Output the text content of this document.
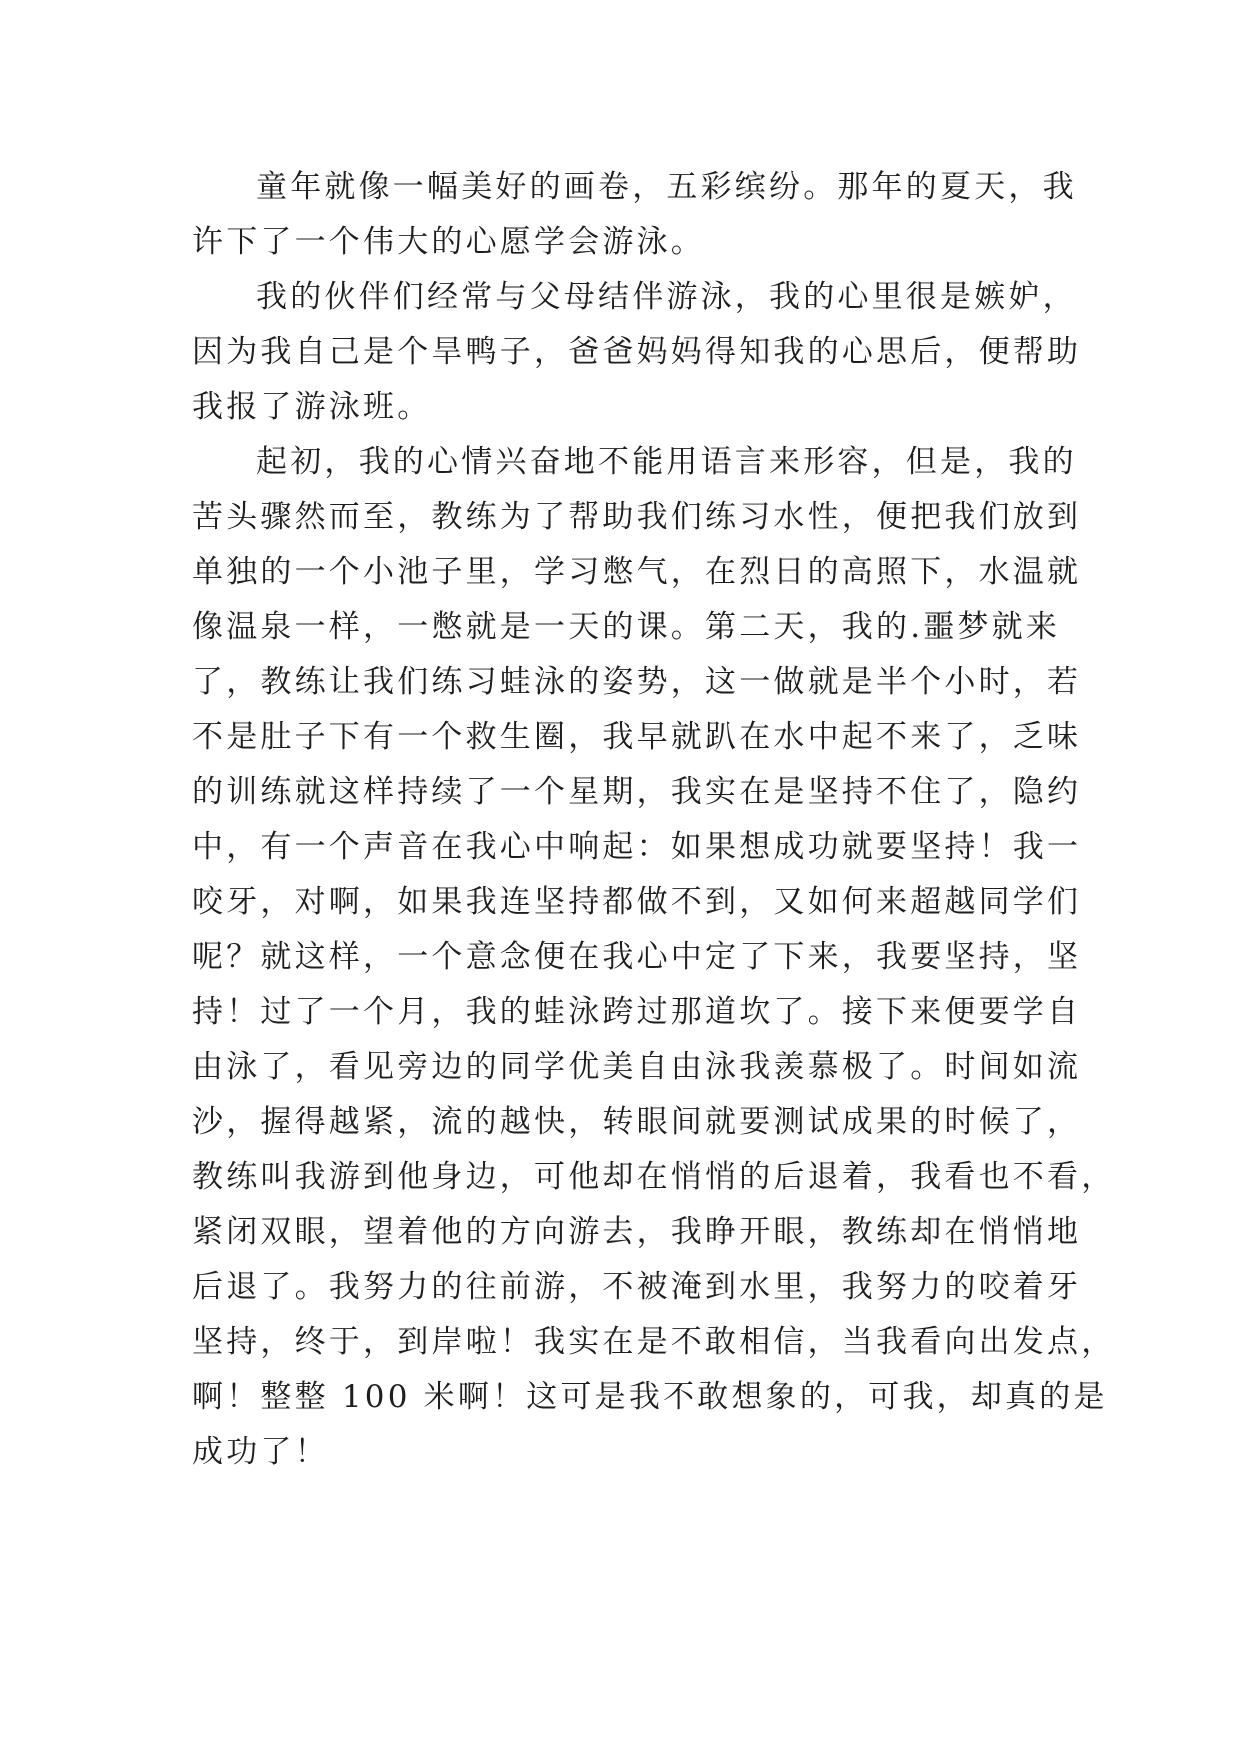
童年就像一幅美好的画卷，五彩缤纷。那年的夏天，我
许下了一个伟大的心愿学会游泳。
我的伙伴们经常与父母结伴游泳，我的心里很是嫉妒，
因为我自己是个旱鸭子，爸爸妈妈得知我的心思后，便帮助
我报了游泳班。
起初，我的心情兴奋地不能用语言来形容，但是，我的
苦头骤然而至，教练为了帮助我们练习水性，便把我们放到
单独的一个小池子里，学习憋气，在烈日的高照下，水温就
像温泉一样，一憋就是一天的课。第二天，我的.噩梦就来
了，教练让我们练习蛙泳的姿势，这一做就是半个小时，若
不是肚子下有一个救生圈，我早就趴在水中起不来了，乏味
的训练就这样持续了一个星期，我实在是坚持不住了，隐约
中，有一个声音在我心中响起：如果想成功就要坚持！我一
咬牙，对啊，如果我连坚持都做不到，又如何来超越同学们
呢？就这样，一个意念便在我心中定了下来，我要坚持，坚
持！过了一个月，我的蛙泳跨过那道坎了。接下来便要学自
由泳了，看见旁边的同学优美自由泳我羡慕极了。时间如流
沙，握得越紧，流的越快，转眼间就要测试成果的时候了，
教练叫我游到他身边，可他却在悄悄的后退着，我看也不看，
紧闭双眼，望着他的方向游去，我睁开眼，教练却在悄悄地
后退了。我努力的往前游，不被淹到水里，我努力的咬着牙
坚持，终于，到岸啦！我实在是不敢相信，当我看向出发点，
啊！整整 100 米啊！这可是我不敢想象的，可我，却真的是
成功了！
